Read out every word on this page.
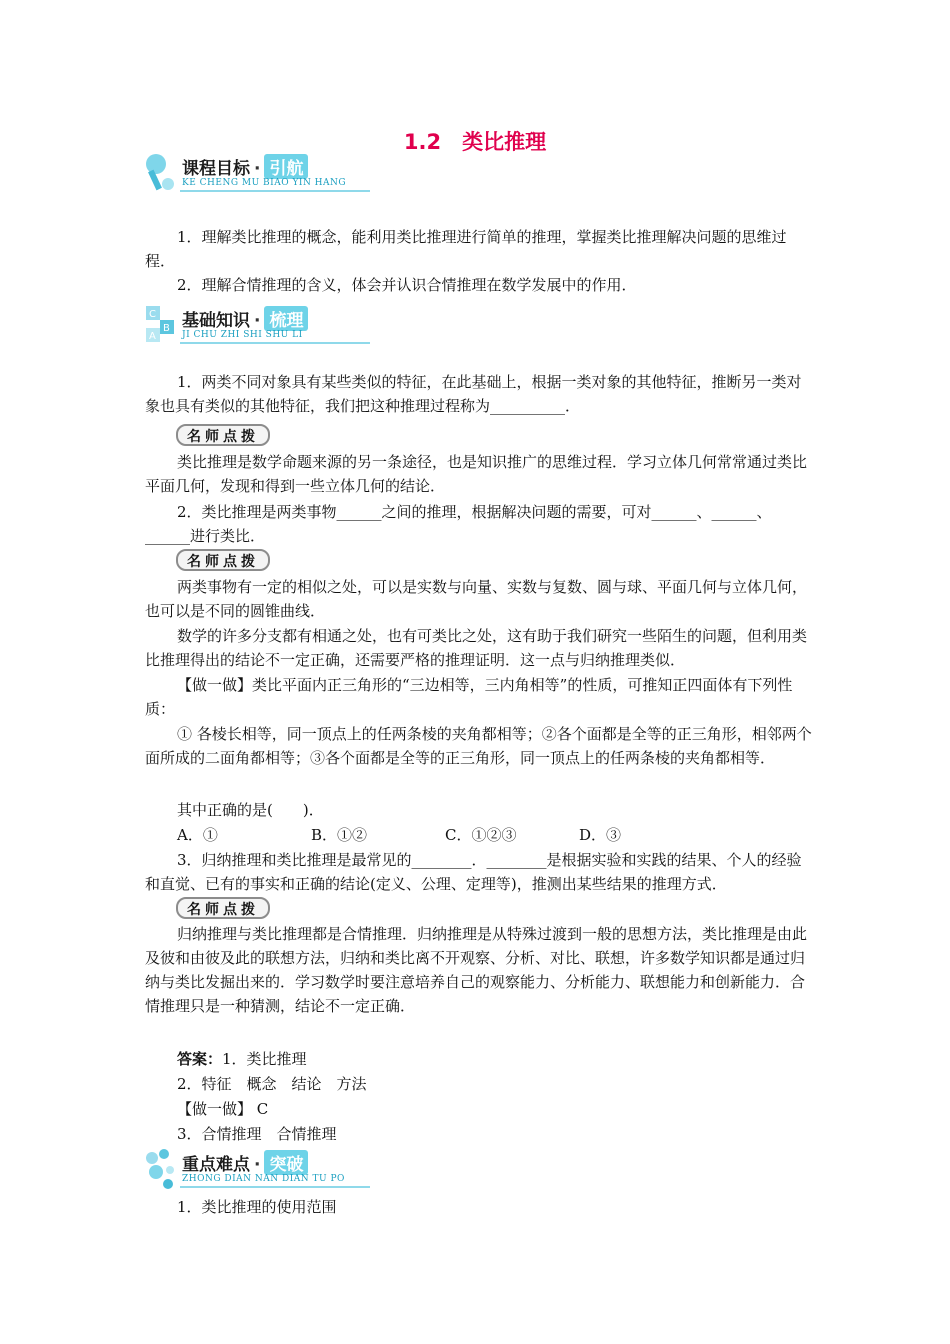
1.2　类比推理
课程目标 · 引航
KE CHENG MU BIAO YIN HANG
1．理解类比推理的概念，能利用类比推理进行简单的推理，掌握类比推理解决问题的思维过程．
2．理解合情推理的含义，体会并认识合情推理在数学发展中的作用．
C
B
A
基础知识 · 梳理
JI CHU ZHI SHI SHU LI
1．两类不同对象具有某些类似的特征，在此基础上，根据一类对象的其他特征，推断另一类对象也具有类似的其他特征，我们把这种推理过程称为__________．
名师点拨
类比推理是数学命题来源的另一条途径，也是知识推广的思维过程．学习立体几何常常通过类比平面几何，发现和得到一些立体几何的结论．
2．类比推理是两类事物______之间的推理，根据解决问题的需要，可对______、______、______进行类比．
名师点拨
两类事物有一定的相似之处，可以是实数与向量、实数与复数、圆与球、平面几何与立体几何，也可以是不同的圆锥曲线．
数学的许多分支都有相通之处，也有可类比之处，这有助于我们研究一些陌生的问题，但利用类比推理得出的结论不一定正确，还需要严格的推理证明．这一点与归纳推理类似．
【做一做】类比平面内正三角形的“三边相等，三内角相等”的性质，可推知正四面体有下列性质：
① 各棱长相等，同一顶点上的任两条棱的夹角都相等；②各个面都是全等的正三角形，相邻两个面所成的二面角都相等；③各个面都是全等的正三角形，同一顶点上的任两条棱的夹角都相等．
其中正确的是(　　)．
A．①	B．①②	C．①②③	D．③
3．归纳推理和类比推理是最常见的________．________是根据实验和实践的结果、个人的经验和直觉、已有的事实和正确的结论(定义、公理、定理等)，推测出某些结果的推理方式．
名师点拨
归纳推理与类比推理都是合情推理．归纳推理是从特殊过渡到一般的思想方法，类比推理是由此及彼和由彼及此的联想方法，归纳和类比离不开观察、分析、对比、联想，许多数学知识都是通过归纳与类比发掘出来的．学习数学时要注意培养自己的观察能力、分析能力、联想能力和创新能力．合情推理只是一种猜测，结论不一定正确．
答案：1．类比推理
2．特征　概念　结论　方法
【做一做】 C
3．合情推理　合情推理
重点难点 · 突破
ZHONG DIAN NAN DIAN TU PO
1．类比推理的使用范围
